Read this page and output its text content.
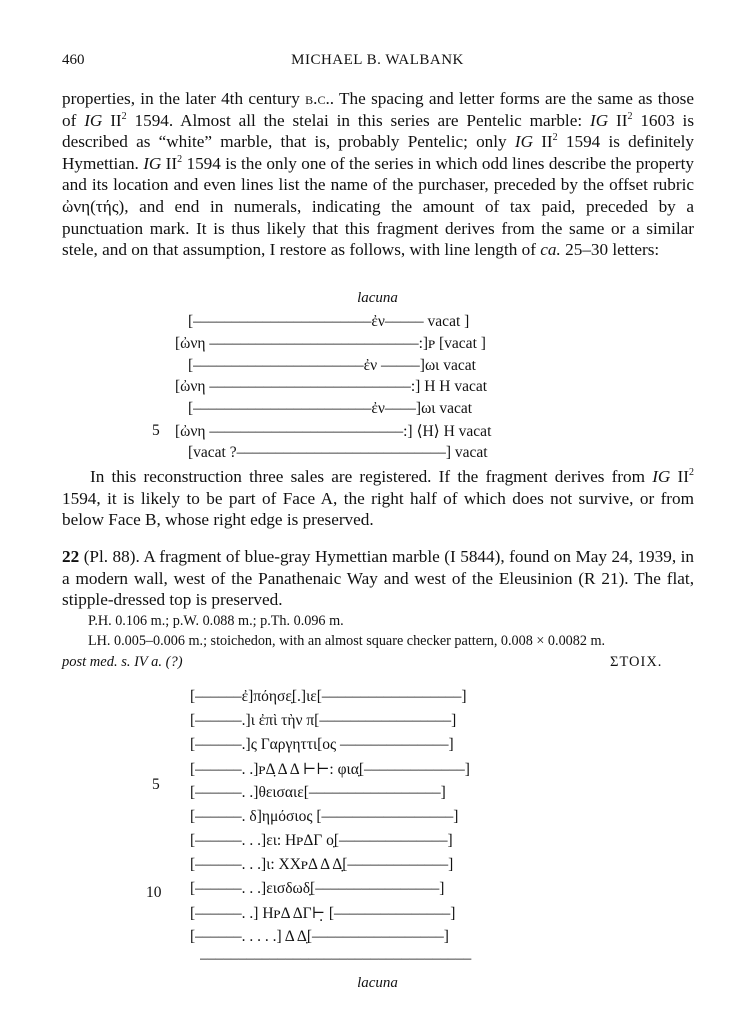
460	MICHAEL B. WALBANK

properties, in the later 4th century b.c.. The spacing and letter forms are the same as those of IG $II^2$ 1594. Almost all the stelai in this series are Pentelic marble: IG $II^2$ 1603 is described as “white” marble, that is, probably Pentelic; only IG $II^2$ 1594 is definitely Hymettian. IG $II^2$ 1594 is the only one of the series in which odd lines describe the property and its location and even lines list the name of the purchaser, preceded by the offset rubric ὠνη(τής), and end in numerals, indicating the amount of tax paid, preceded by a punctuation mark. It is thus likely that this fragment derives from the same or a similar stele, and on that assumption, I restore as follows, with line length of ca. 25–30 letters:

lacuna
[–––––––––––––––––––––––ἐν––––– vacat ]
[ὠνη –––––––––––––––––––––––––––:]ᴩ [vacat ]
[––––––––––––––––––––––ἐν –––––]ωι vacat
[ὠνη ––––––––––––––––––––––––––:] H H vacat
[–––––––––––––––––––––––ἐν––––]ωι vacat
5 [ὠνη –––––––––––––––––––––––––:] ⟨H⟩ H vacat
[vacat ?–––––––––––––––––––––––––––] vacat

In this reconstruction three sales are registered. If the fragment derives from IG $II^2$ 1594, it is likely to be part of Face A, the right half of which does not survive, or from below Face B, whose right edge is preserved.

22 (Pl. 88). A fragment of blue-gray Hymettian marble (I 5844), found on May 24, 1939, in a modern wall, west of the Panathenaic Way and west of the Eleusinion (R 21). The flat, stipple-dressed top is preserved.

P.H. 0.106 m.; p.W. 0.088 m.; p.Th. 0.096 m.
LH. 0.005–0.006 m.; stoichedon, with an almost square checker pattern, 0.008 × 0.0082 m.
post med. s. IV a. (?)	ΣΤΟΙΧ.
[––––––ἐ]πόησε̣[.]ιε[––––––––––––––––––]
[––––––.]ι ἐπὶ τὴν π[–––––––––––––––––]
[––––––.]ς Γαργηττι[ος ––––––––––––––]
[––––––. .]ᴩΔ̣ Δ Δ ⊢⊢: φια̣[–––––––––––––]
5 [––––––. .]θεισαιε[–––––––––––––––––]
[––––––. δ]ημόσιος [–––––––––––––––––]
[––––––. . .]ει: HᴩΔΓ ο̣[––––––––––––––]
[––––––. . .]ι: XXᴩΔ Δ Δ̣[–––––––––––––]
[––––––. . .]εισδωδ̣[––––––––––––––––]
10
[––––––. .] HᴩΔ ΔΓ⊢̣ [–––––––––––––––]
[––––––. . . . .] Δ Δ̣[–––––––––––––––––]
–––––––––––––––––––––––––––––––––––
lacuna
